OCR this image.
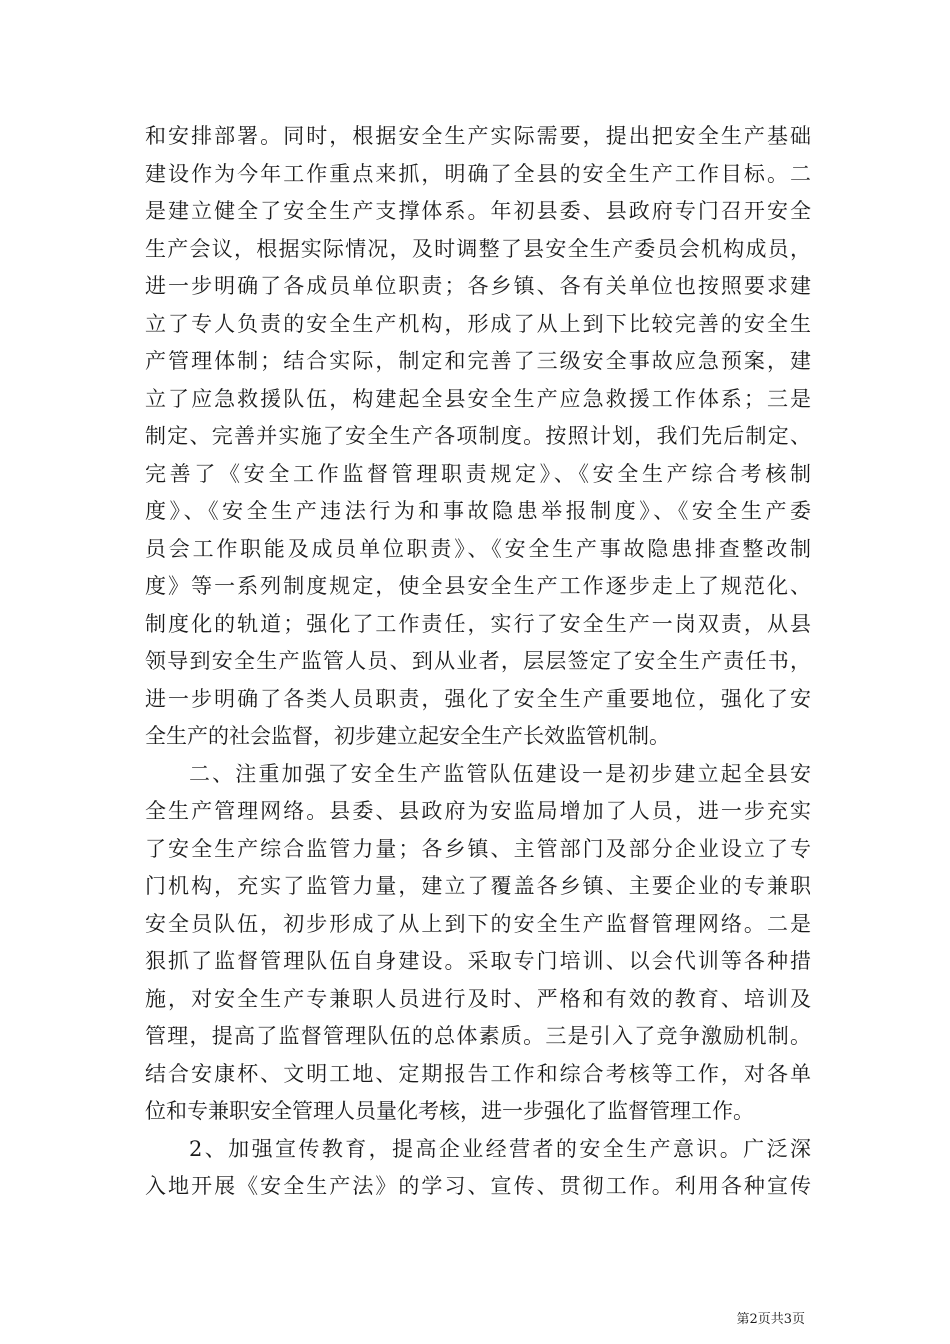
和安排部署。同时，根据安全生产实际需要，提出把安全生产基础
建设作为今年工作重点来抓，明确了全县的安全生产工作目标。二
是建立健全了安全生产支撑体系。年初县委、县政府专门召开安全
生产会议，根据实际情况，及时调整了县安全生产委员会机构成员，
进一步明确了各成员单位职责；各乡镇、各有关单位也按照要求建
立了专人负责的安全生产机构，形成了从上到下比较完善的安全生
产管理体制；结合实际，制定和完善了三级安全事故应急预案，建
立了应急救援队伍，构建起全县安全生产应急救援工作体系；三是
制定、完善并实施了安全生产各项制度。按照计划，我们先后制定、
完善了《安全工作监督管理职责规定》、《安全生产综合考核制
度》、《安全生产违法行为和事故隐患举报制度》、《安全生产委
员会工作职能及成员单位职责》、《安全生产事故隐患排查整改制
度》等一系列制度规定，使全县安全生产工作逐步走上了规范化、
制度化的轨道；强化了工作责任，实行了安全生产一岗双责，从县
领导到安全生产监管人员、到从业者，层层签定了安全生产责任书，
进一步明确了各类人员职责，强化了安全生产重要地位，强化了安
全生产的社会监督，初步建立起安全生产长效监管机制。
二、注重加强了安全生产监管队伍建设一是初步建立起全县安
全生产管理网络。县委、县政府为安监局增加了人员，进一步充实
了安全生产综合监管力量；各乡镇、主管部门及部分企业设立了专
门机构，充实了监管力量，建立了覆盖各乡镇、主要企业的专兼职
安全员队伍，初步形成了从上到下的安全生产监督管理网络。二是
狠抓了监督管理队伍自身建设。采取专门培训、以会代训等各种措
施，对安全生产专兼职人员进行及时、严格和有效的教育、培训及
管理，提高了监督管理队伍的总体素质。三是引入了竞争激励机制。
结合安康杯、文明工地、定期报告工作和综合考核等工作，对各单
位和专兼职安全管理人员量化考核，进一步强化了监督管理工作。
2、加强宣传教育，提高企业经营者的安全生产意识。广泛深
入地开展《安全生产法》的学习、宣传、贯彻工作。利用各种宣传
第2页共3页
